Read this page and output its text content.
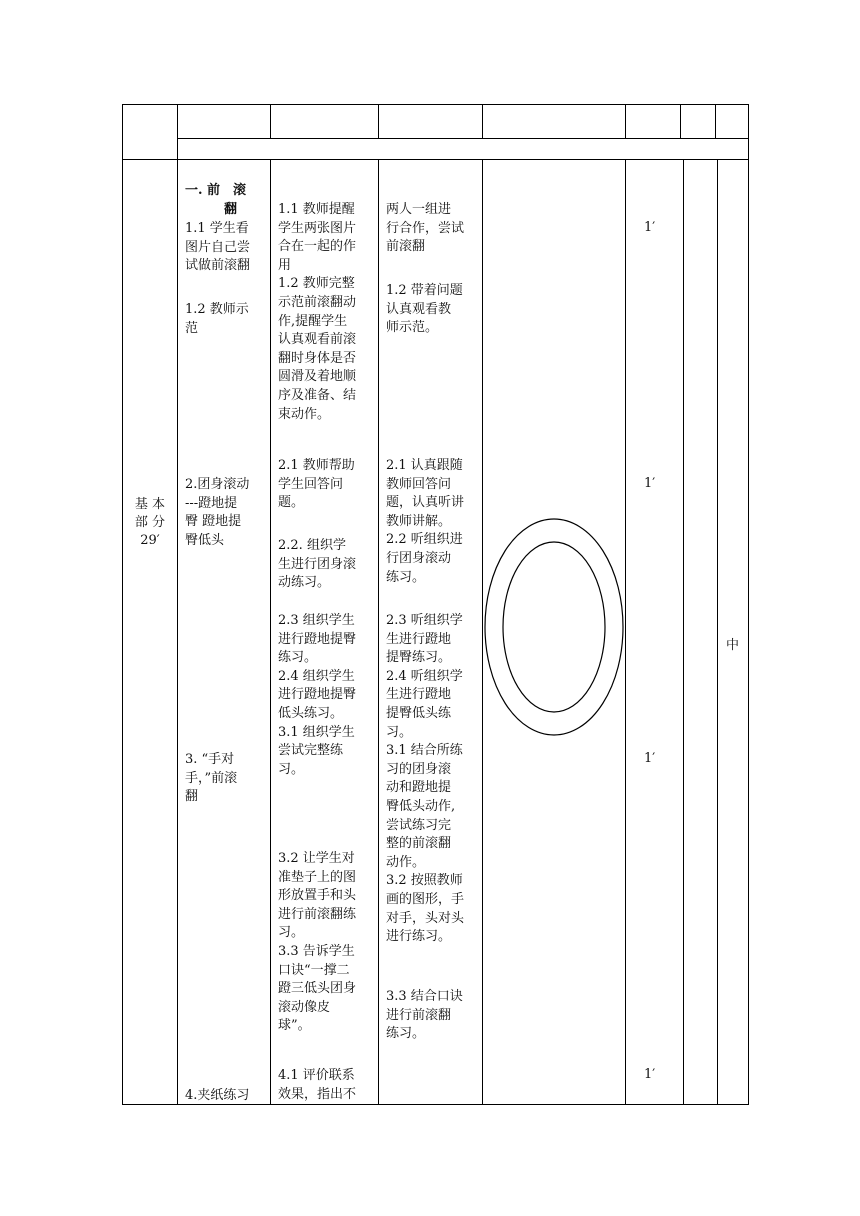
基 本 部 分 29′
一. 前　滚
　　　翻
1.1 学生看
图片自己尝
试做前滚翻
1.2 教师示
范
2.团身滚动
---蹬地提
臀 蹬地提
臀低头
3. “手对
手，”前滚
翻
4.夹纸练习
1.1 教师提醒
学生两张图片
合在一起的作
用
1.2 教师完整
示范前滚翻动
作,提醒学生
认真观看前滚
翻时身体是否
圆滑及着地顺
序及准备、结
束动作。
2.1 教师帮助
学生回答问
题。
2.2. 组织学
生进行团身滚
动练习。
2.3 组织学生
进行蹬地提臀
练习。
2.4 组织学生
进行蹬地提臀
低头练习。
3.1 组织学生
尝试完整练
习。
3.2 让学生对
准垫子上的图
形放置手和头
进行前滚翻练
习。
3.3 告诉学生
口诀“一撑二
蹬三低头团身
滚动像皮
球”。
4.1 评价联系
效果，指出不
两人一组进
行合作，尝试
前滚翻
1.2 带着问题
认真观看教
师示范。
2.1 认真跟随
教师回答问
题，认真听讲
教师讲解。
2.2 听组织进
行团身滚动
练习。
2.3 听组织学
生进行蹬地
提臀练习。
2.4 听组织学
生进行蹬地
提臀低头练
习。
3.1 结合所练
习的团身滚
动和蹬地提
臀低头动作,
尝试练习完
整的前滚翻
动作。
3.2 按照教师
画的图形，手
对手，头对头
进行练习。
3.3 结合口诀
进行前滚翻
练习。
1′
1′
1′
1′
中
